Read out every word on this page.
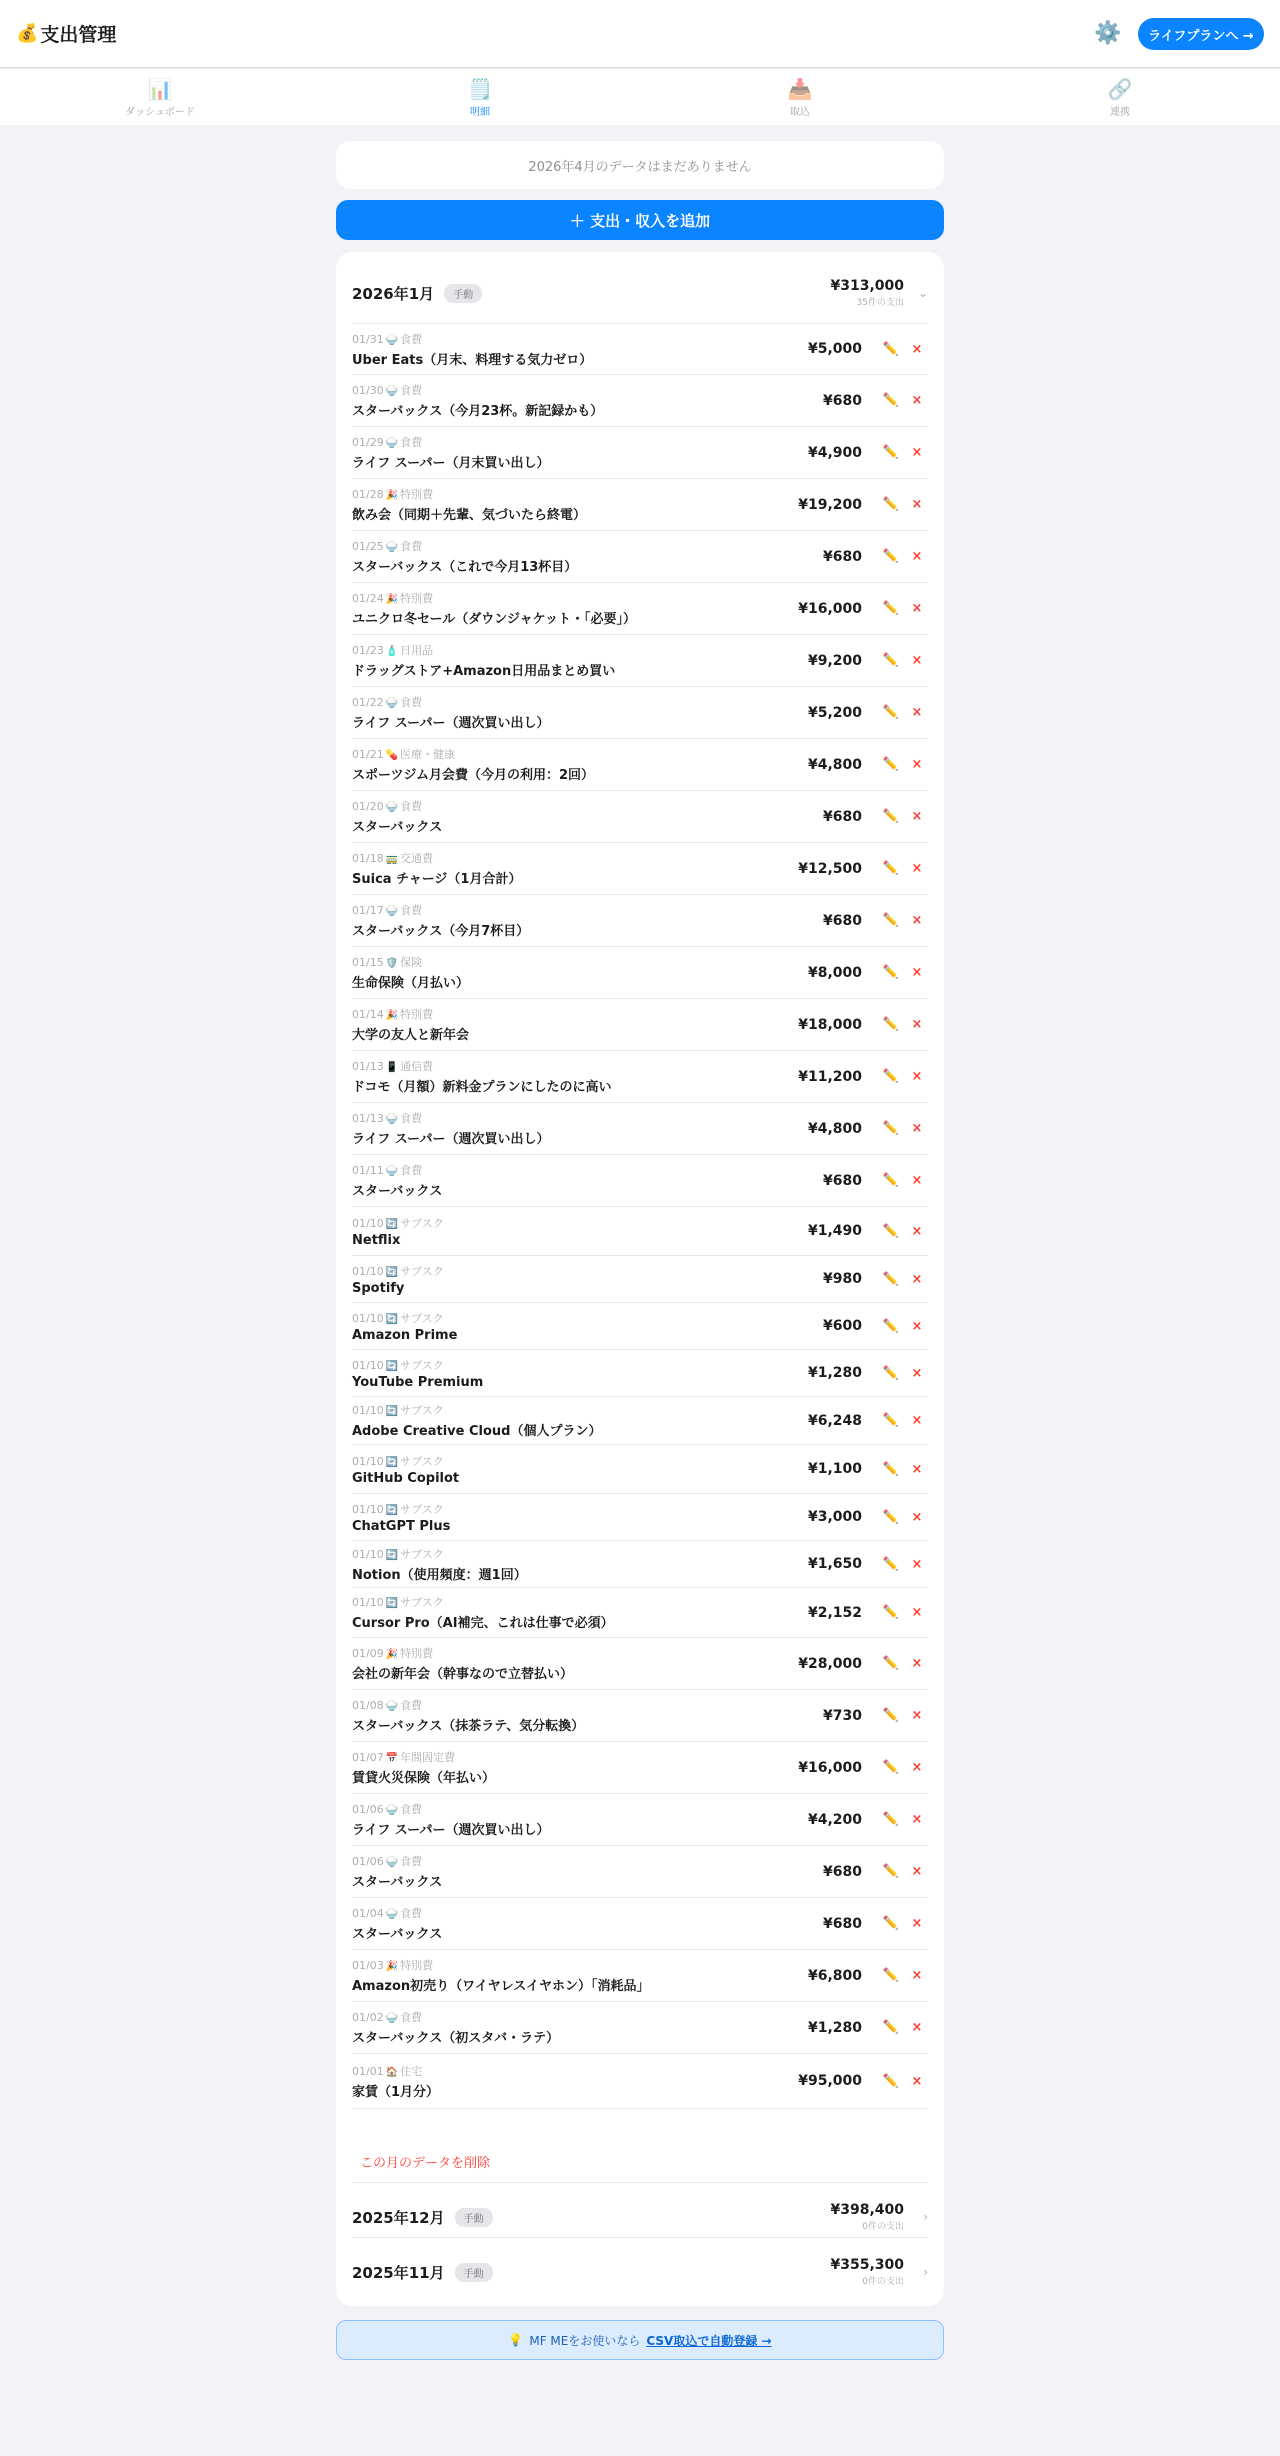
💰 支出管理	⚙️	ライフプランへ →
📊
ダッシュボード
🗒️
明細
📥
取込
🔗
連携
2026年4月のデータはまだありません
＋ 支出・収入を追加
2026年1月	手動
¥313,000
35件の支出
⌄
01/31 🍚 食費
Uber Eats（月末、料理する気力ゼロ）
¥5,000 ✏️ ×
01/30 🍚 食費
スターバックス（今月23杯。新記録かも）
¥680 ✏️ ×
01/29 🍚 食費
ライフ スーパー（月末買い出し）
¥4,900 ✏️ ×
01/28 🎉 特別費
飲み会（同期＋先輩、気づいたら終電）
¥19,200 ✏️ ×
01/25 🍚 食費
スターバックス（これで今月13杯目）
¥680 ✏️ ×
01/24 🎉 特別費
ユニクロ冬セール（ダウンジャケット・「必要」）
¥16,000 ✏️ ×
01/23 🧴 日用品
ドラッグストア+Amazon日用品まとめ買い
¥9,200 ✏️ ×
01/22 🍚 食費
ライフ スーパー（週次買い出し）
¥5,200 ✏️ ×
01/21 💊 医療・健康
スポーツジム月会費（今月の利用：2回）
¥4,800 ✏️ ×
01/20 🍚 食費
スターバックス
¥680 ✏️ ×
01/18 🚃 交通費
Suica チャージ（1月合計）
¥12,500 ✏️ ×
01/17 🍚 食費
スターバックス（今月7杯目）
¥680 ✏️ ×
01/15 🛡️ 保険
生命保険（月払い）
¥8,000 ✏️ ×
01/14 🎉 特別費
大学の友人と新年会
¥18,000 ✏️ ×
01/13 📱 通信費
ドコモ（月額）新料金プランにしたのに高い
¥11,200 ✏️ ×
01/13 🍚 食費
ライフ スーパー（週次買い出し）
¥4,800 ✏️ ×
01/11 🍚 食費
スターバックス
¥680 ✏️ ×
01/10 🔄 サブスク
Netflix
¥1,490 ✏️ ×
01/10 🔄 サブスク
Spotify
¥980 ✏️ ×
01/10 🔄 サブスク
Amazon Prime
¥600 ✏️ ×
01/10 🔄 サブスク
YouTube Premium
¥1,280 ✏️ ×
01/10 🔄 サブスク
Adobe Creative Cloud（個人プラン）
¥6,248 ✏️ ×
01/10 🔄 サブスク
GitHub Copilot
¥1,100 ✏️ ×
01/10 🔄 サブスク
ChatGPT Plus
¥3,000 ✏️ ×
01/10 🔄 サブスク
Notion（使用頻度：週1回）
¥1,650 ✏️ ×
01/10 🔄 サブスク
Cursor Pro（AI補完、これは仕事で必須）
¥2,152 ✏️ ×
01/09 🎉 特別費
会社の新年会（幹事なので立替払い）
¥28,000 ✏️ ×
01/08 🍚 食費
スターバックス（抹茶ラテ、気分転換）
¥730 ✏️ ×
01/07 📅 年間固定費
賃貸火災保険（年払い）
¥16,000 ✏️ ×
01/06 🍚 食費
ライフ スーパー（週次買い出し）
¥4,200 ✏️ ×
01/06 🍚 食費
スターバックス
¥680 ✏️ ×
01/04 🍚 食費
スターバックス
¥680 ✏️ ×
01/03 🎉 特別費
Amazon初売り（ワイヤレスイヤホン）「消耗品」
¥6,800 ✏️ ×
01/02 🍚 食費
スターバックス（初スタバ・ラテ）
¥1,280 ✏️ ×
01/01 🏠 住宅
家賃（1月分）
¥95,000 ✏️ ×
この月のデータを削除
2025年12月	手動
¥398,400
0件の支出
›
2025年11月	手動
¥355,300
0件の支出
›
💡 MF MEをお使いなら CSV取込で自動登録 →
